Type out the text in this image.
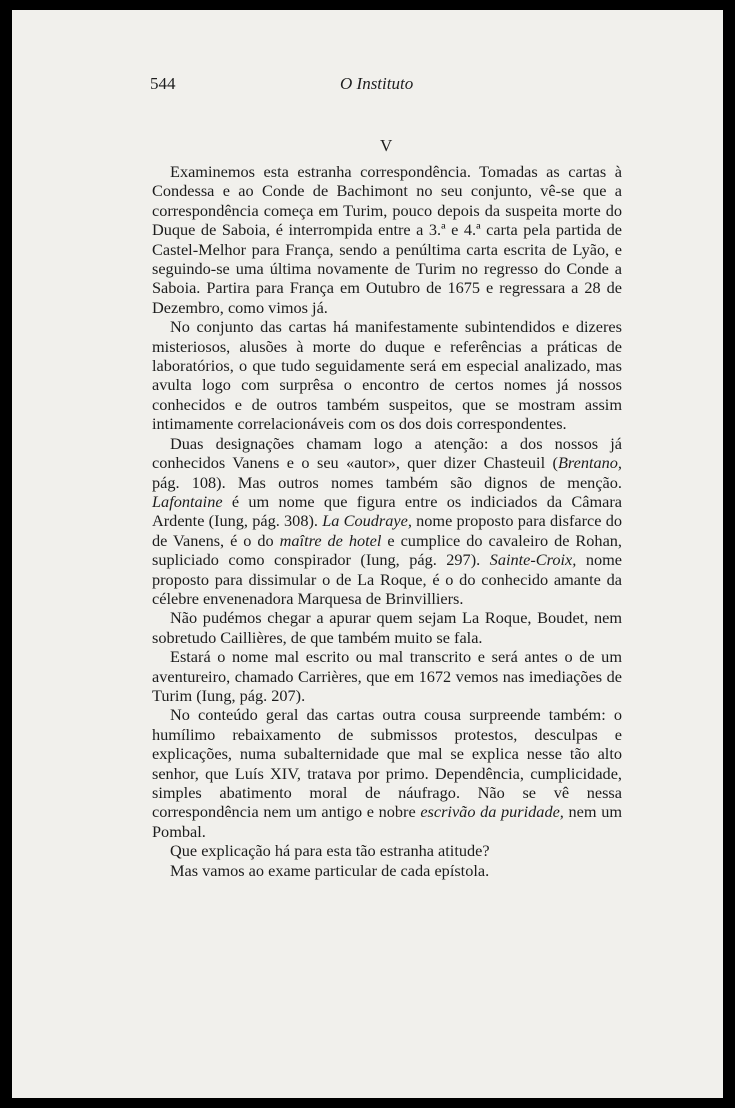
544	O Instituto
V

Examinemos esta estranha correspondência. Tomadas as cartas à Condessa e ao Conde de Bachimont no seu conjunto, vê-se que a correspondência começa em Turim, pouco depois da suspeita morte do Duque de Saboia, é interrompida entre a 3.ª e 4.ª carta pela partida de Castel-Melhor para França, sendo a penúltima carta escrita de Lyão, e seguindo-se uma última novamente de Turim no regresso do Conde a Saboia. Partira para França em Outubro de 1675 e regressara a 28 de Dezembro, como vimos já.

No conjunto das cartas há manifestamente subintendidos e dizeres misteriosos, alusões à morte do duque e referências a práticas de laboratórios, o que tudo seguidamente será em especial analizado, mas avulta logo com surprêsa o encontro de certos nomes já nossos conhecidos e de outros também suspeitos, que se mostram assim intimamente correlacionáveis com os dos dois correspondentes.

Duas designações chamam logo a atenção: a dos nossos já conhecidos Vanens e o seu «autor», quer dizer Chasteuil (Brentano, pág. 108). Mas outros nomes também são dignos de menção. Lafontaine é um nome que figura entre os indiciados da Câmara Ardente (Iung, pág. 308). La Coudraye, nome proposto para disfarce do de Vanens, é o do maître de hotel e cumplice do cavaleiro de Rohan, supliciado como conspirador (Iung, pág. 297). Sainte-Croix, nome proposto para dissimular o de La Roque, é o do conhecido amante da célebre envenenadora Marquesa de Brinvilliers.

Não pudémos chegar a apurar quem sejam La Roque, Boudet, nem sobretudo Caillières, de que também muito se fala.

Estará o nome mal escrito ou mal transcrito e será antes o de um aventureiro, chamado Carrières, que em 1672 vemos nas imediações de Turim (Iung, pág. 207).

No conteúdo geral das cartas outra cousa surpreende também: o humílimo rebaixamento de submissos protestos, desculpas e explicações, numa subalternidade que mal se explica nesse tão alto senhor, que Luís XIV, tratava por primo. Dependência, cumplicidade, simples abatimento moral de náufrago. Não se vê nessa correspondência nem um antigo e nobre escrivão da puridade, nem um Pombal.

Que explicação há para esta tão estranha atitude?

Mas vamos ao exame particular de cada epístola.
